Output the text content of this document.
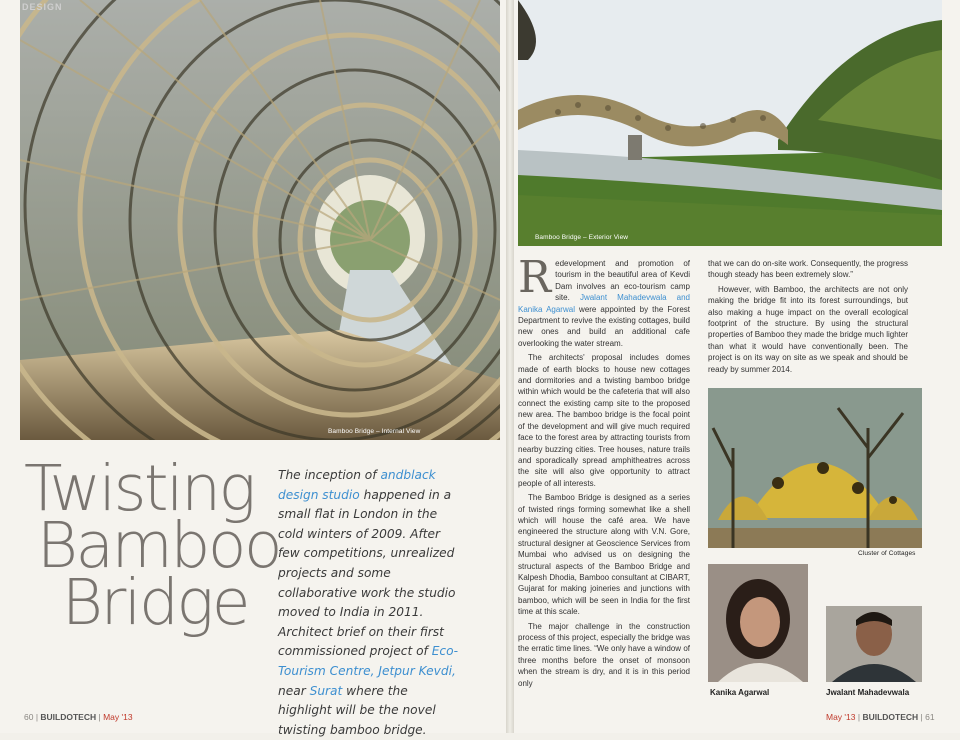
DESIGN
Bamboo Bridge – Internal View
Twisting
Bamboo
Bridge
The inception of andblack design studio happened in a small flat in London in the cold winters of 2009. After few competitions, unrealized projects and some collaborative work the studio moved to India in 2011. Architect brief on their first commissioned project of Eco-Tourism Centre, Jetpur Kevdi, near Surat where the highlight will be the novel twisting bamboo bridge.
60 | BUILDOTECH | May '13
Bamboo Bridge – Exterior View

Redevelopment and promotion of tourism in the beautiful area of Kevdi Dam involves an eco-tourism camp site. Jwalant Mahadevwala and Kanika Agarwal were appointed by the Forest Department to revive the existing cottages, build new ones and build an additional cafe overlooking the water stream.

The architects' proposal includes domes made of earth blocks to house new cottages and dormitories and a twisting bamboo bridge within which would be the cafeteria that will also connect the existing camp site to the proposed new area. The bamboo bridge is the focal point of the development and will give much required face to the forest area by attracting tourists from nearby buzzing cities. Tree houses, nature trails and sporadically spread amphitheatres across the site will also give opportunity to attract people of all interests.

The Bamboo Bridge is designed as a series of twisted rings forming somewhat like a shell which will house the café area. We have engineered the structure along with V.N. Gore, structural designer at Geoscience Services from Mumbai who advised us on designing the structural aspects of the Bamboo Bridge and Kalpesh Dhodia, Bamboo consultant at CIBART, Gujarat for making joineries and junctions with bamboo, which will be seen in India for the first time at this scale.

The major challenge in the construction process of this project, especially the bridge was the erratic time lines. “We only have a window of three months before the onset of monsoon when the stream is dry, and it is in this period only

that we can do on-site work. Consequently, the progress though steady has been extremely slow.”

However, with Bamboo, the architects are not only making the bridge fit into its forest surroundings, but also making a huge impact on the overall ecological footprint of the structure. By using the structural properties of Bamboo they made the bridge much lighter than what it would have conventionally been. The project is on its way on site as we speak and should be ready by summer 2014.

Cluster of Cottages
Kanika Agarwal	Jwalant Mahadevwala
May '13 | BUILDOTECH | 61
